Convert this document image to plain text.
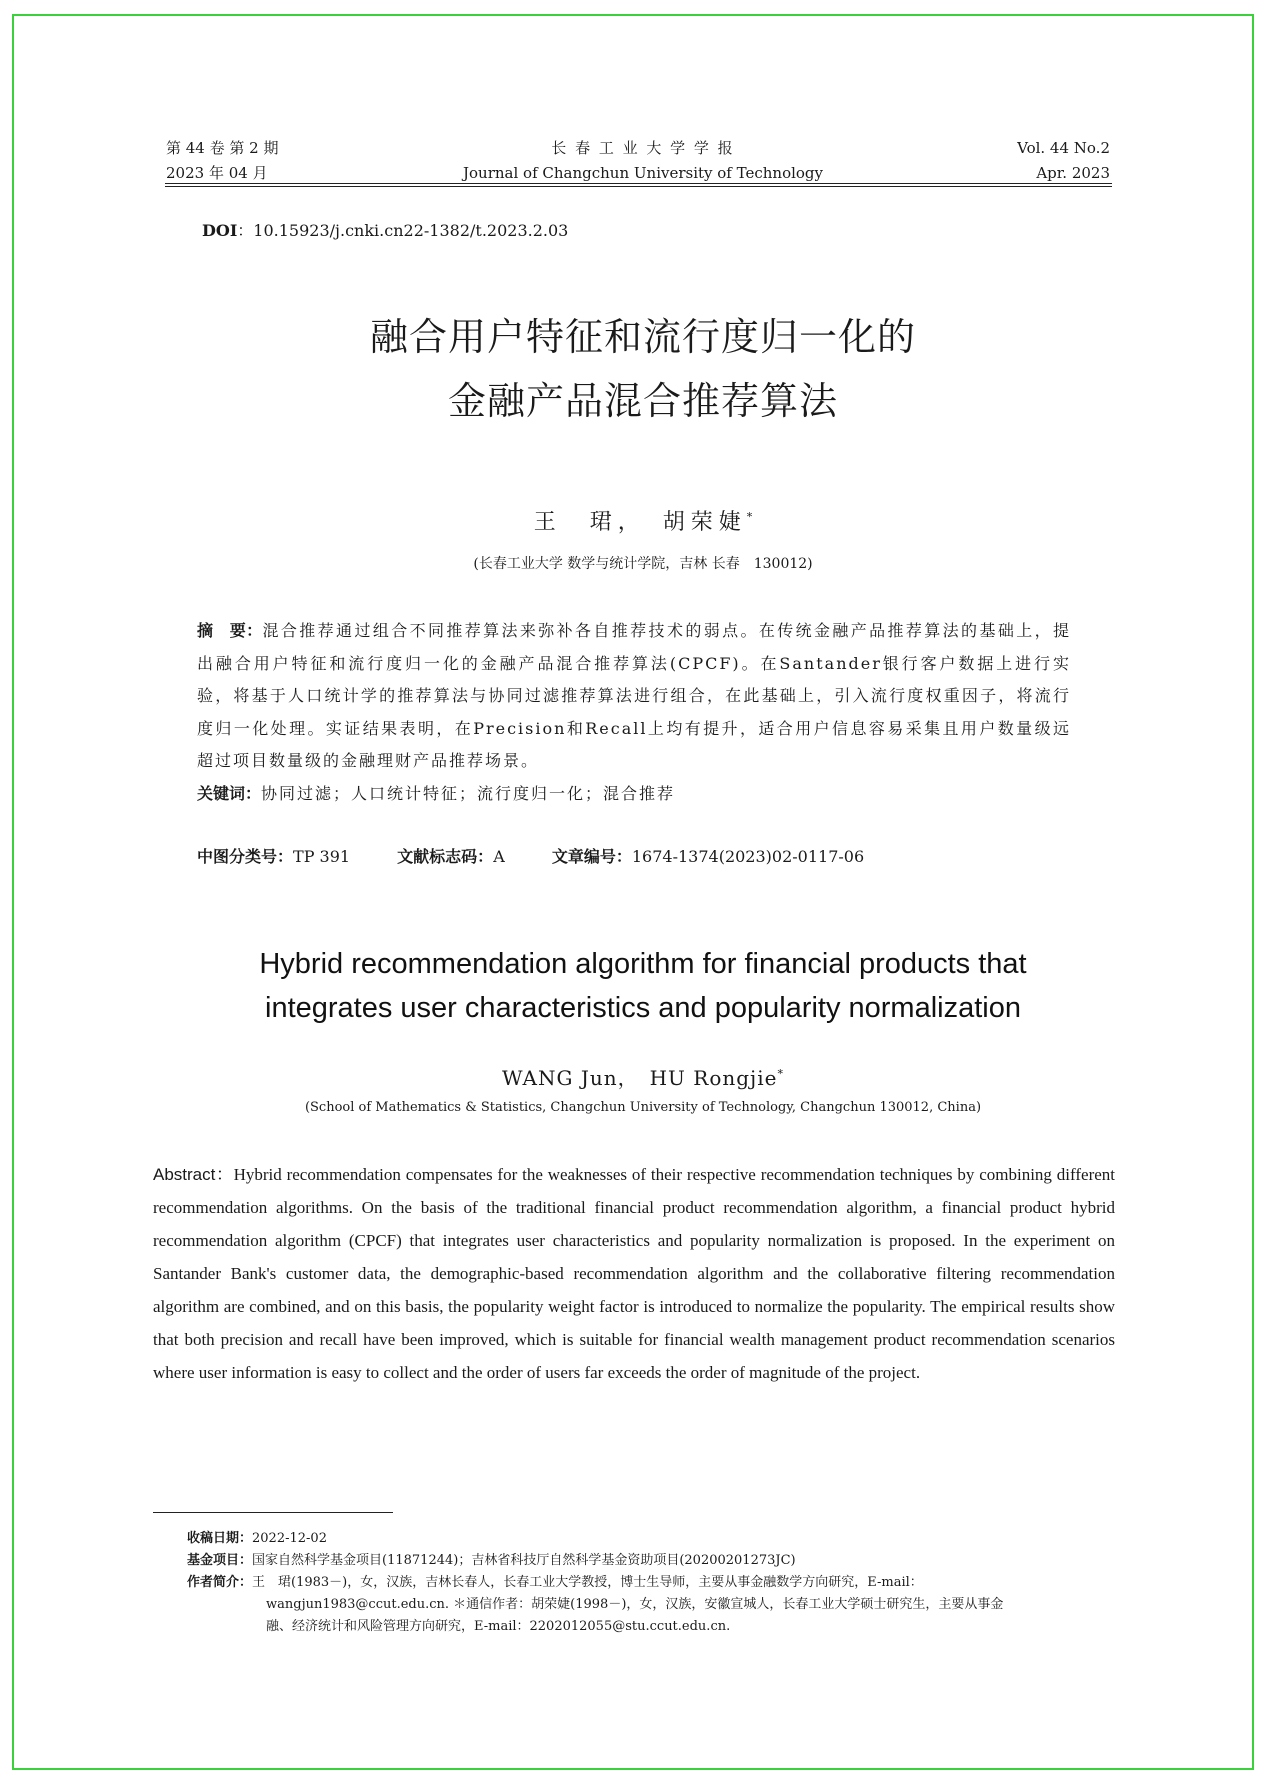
第 44 卷 第 2 期
2023 年 04 月
长 春 工 业 大 学 学 报
Journal of Changchun University of Technology
Vol. 44 No.2
Apr. 2023
DOI：10.15923/j.cnki.cn22-1382/t.2023.2.03
融合用户特征和流行度归一化的
金融产品混合推荐算法
王　珺，　胡荣婕*
(长春工业大学 数学与统计学院，吉林 长春　130012)
摘　要：混合推荐通过组合不同推荐算法来弥补各自推荐技术的弱点。在传统金融产品推荐算法的基础上，提出融合用户特征和流行度归一化的金融产品混合推荐算法(CPCF)。在Santander银行客户数据上进行实验，将基于人口统计学的推荐算法与协同过滤推荐算法进行组合，在此基础上，引入流行度权重因子，将流行度归一化处理。实证结果表明，在Precision和Recall上均有提升，适合用户信息容易采集且用户数量级远超过项目数量级的金融理财产品推荐场景。
关键词：协同过滤；人口统计特征；流行度归一化；混合推荐
中图分类号：TP 391	文献标志码：A	文章编号：1674-1374(2023)02-0117-06
Hybrid recommendation algorithm for financial products that
integrates user characteristics and popularity normalization
WANG Jun，　HU Rongjie*
(School of Mathematics & Statistics, Changchun University of Technology, Changchun 130012, China)
Abstract：Hybrid recommendation compensates for the weaknesses of their respective recommendation techniques by combining different recommendation algorithms. On the basis of the traditional financial product recommendation algorithm, a financial product hybrid recommendation algorithm (CPCF) that integrates user characteristics and popularity normalization is proposed. In the experiment on Santander Bank's customer data, the demographic-based recommendation algorithm and the collaborative filtering recommendation algorithm are combined, and on this basis, the popularity weight factor is introduced to normalize the popularity. The empirical results show that both precision and recall have been improved, which is suitable for financial wealth management product recommendation scenarios where user information is easy to collect and the order of users far exceeds the order of magnitude of the project.
收稿日期：2022-12-02
基金项目：国家自然科学基金项目(11871244)；吉林省科技厅自然科学基金资助项目(20200201273JC)
作者简介：王　珺(1983－)，女，汉族，吉林长春人，长春工业大学教授，博士生导师，主要从事金融数学方向研究，E-mail：
wangjun1983@ccut.edu.cn. ＊通信作者：胡荣婕(1998－)，女，汉族，安徽宣城人，长春工业大学硕士研究生，主要从事金
融、经济统计和风险管理方向研究，E-mail：2202012055@stu.ccut.edu.cn.
